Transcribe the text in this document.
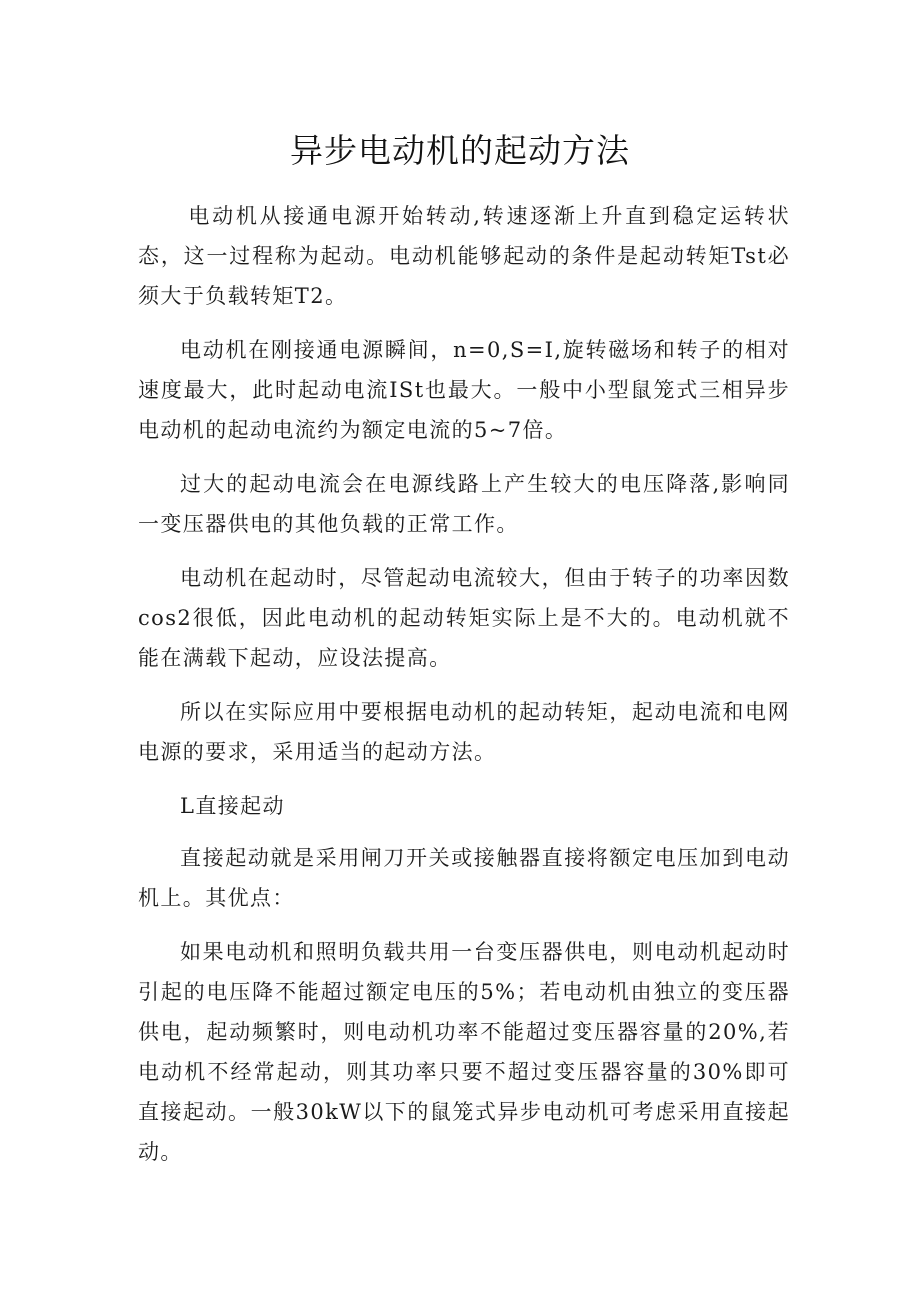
异步电动机的起动方法

电动机从接通电源开始转动,转速逐渐上升直到稳定运转状态，这一过程称为起动。电动机能够起动的条件是起动转矩Tst必须大于负载转矩T2。

电动机在刚接通电源瞬间，n=0,S=I,旋转磁场和转子的相对速度最大，此时起动电流ISt也最大。一般中小型鼠笼式三相异步电动机的起动电流约为额定电流的5~7倍。

过大的起动电流会在电源线路上产生较大的电压降落,影响同一变压器供电的其他负载的正常工作。

电动机在起动时，尽管起动电流较大，但由于转子的功率因数cos2很低，因此电动机的起动转矩实际上是不大的。电动机就不能在满载下起动，应设法提高。

所以在实际应用中要根据电动机的起动转矩，起动电流和电网电源的要求，采用适当的起动方法。

L直接起动

直接起动就是采用闸刀开关或接触器直接将额定电压加到电动机上。其优点：

如果电动机和照明负载共用一台变压器供电，则电动机起动时引起的电压降不能超过额定电压的5%；若电动机由独立的变压器供电，起动频繁时，则电动机功率不能超过变压器容量的20%,若电动机不经常起动，则其功率只要不超过变压器容量的30%即可直接起动。一般30kW以下的鼠笼式异步电动机可考虑采用直接起动。
